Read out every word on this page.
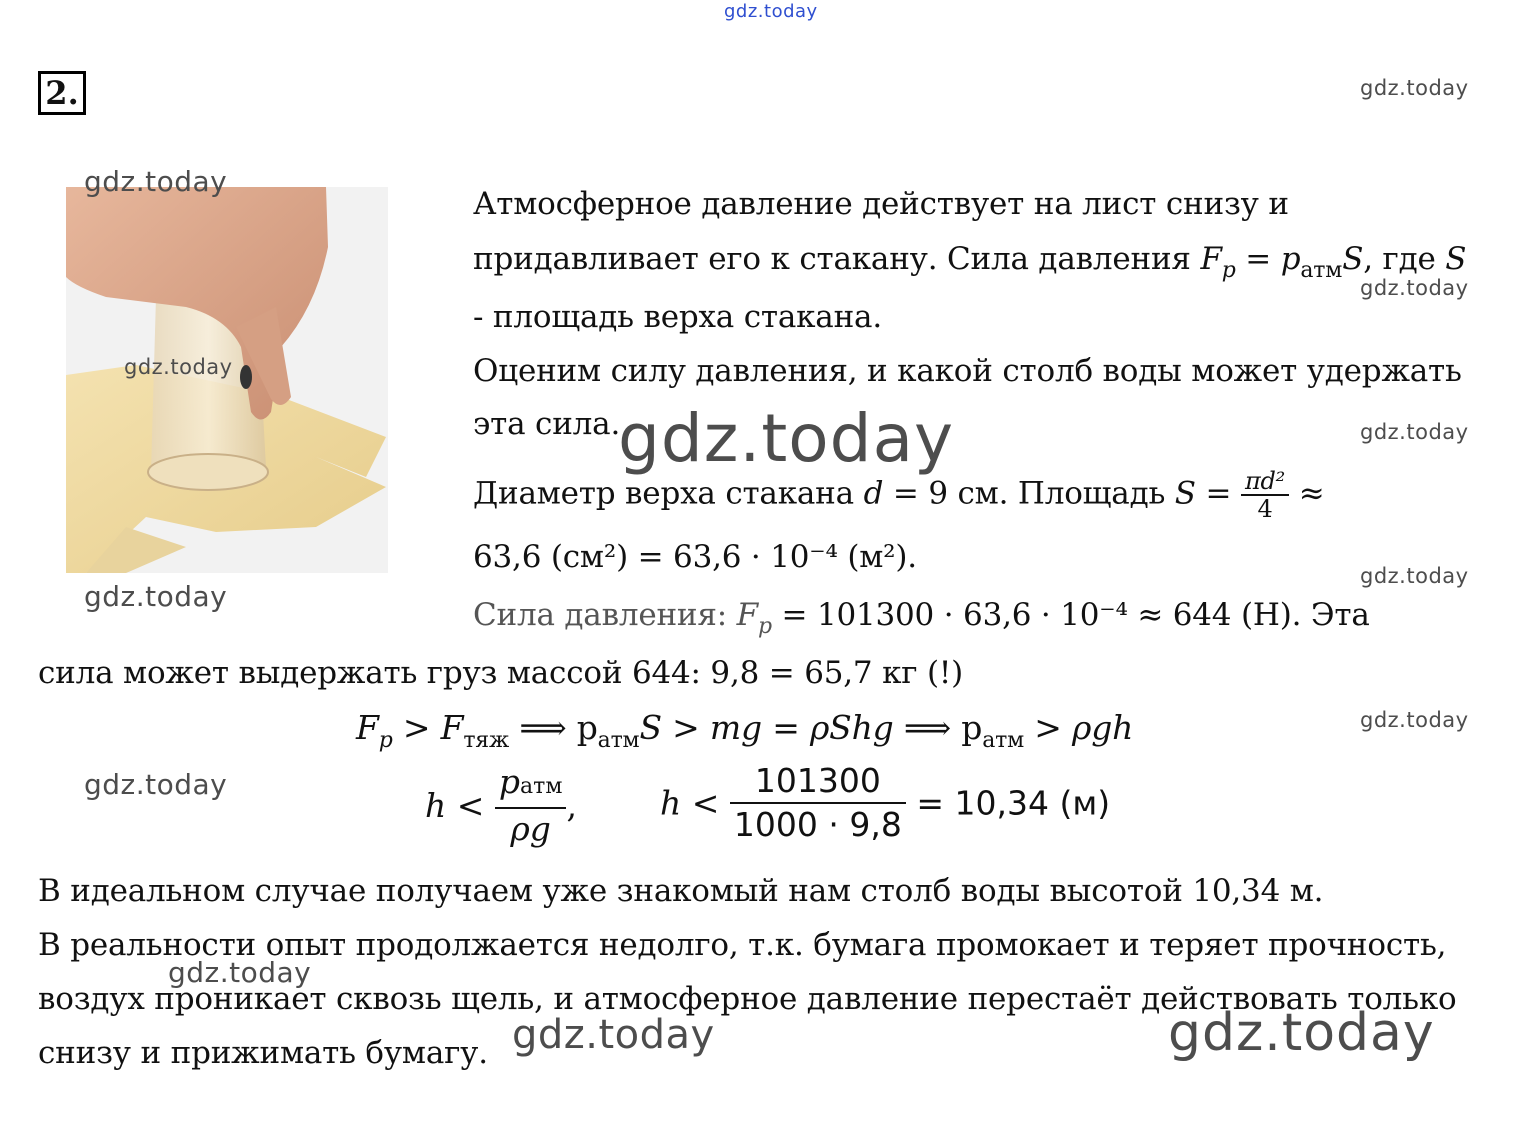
gdz.today
gdz.today
gdz.today
gdz.today
gdz.today
gdz.today
2.
gdz.today
gdz.today
gdz.today
Атмосферное давление действует на лист снизу и
придавливает его к стакану. Сила давления $F_p = p_{атм}S$, где S
- площадь верха стакана.
Оценим силу давления, и какой столб воды может удержать
эта сила.
gdz.today
Диаметр верха стакана d = 9 см. Площадь $S = \frac{\text{πd²}}{4}$ ≈
63,6 (см²) = 63,6 · 10⁻⁴ (м²).
Сила давления: $F_p = 101300 \cdot 63,6 \cdot 10^{-4} \approx 644$ (Н). Эта
сила может выдержать груз массой 644: 9,8 = 65,7 кг (!)
$F_p > F_{тяж}$ ⟹ $p_{атм}S$ > mg = ρShg ⟹ $p_{атм} > \rho gh$
gdz.today
$h < \frac{\text{pатм}}{\rho g}$ ,	$h < \frac{101300}{1000 \cdot 9,8} = 10,34$ (м)
В идеальном случае получаем уже знакомый нам столб воды высотой 10,34 м.
В реальности опыт продолжается недолго, т.к. бумага промокает и теряет прочность,
воздух проникает сквозь щель, и атмосферное давление перестаёт действовать только
снизу и прижимать бумагу.
gdz.today
gdz.today	gdz.today
